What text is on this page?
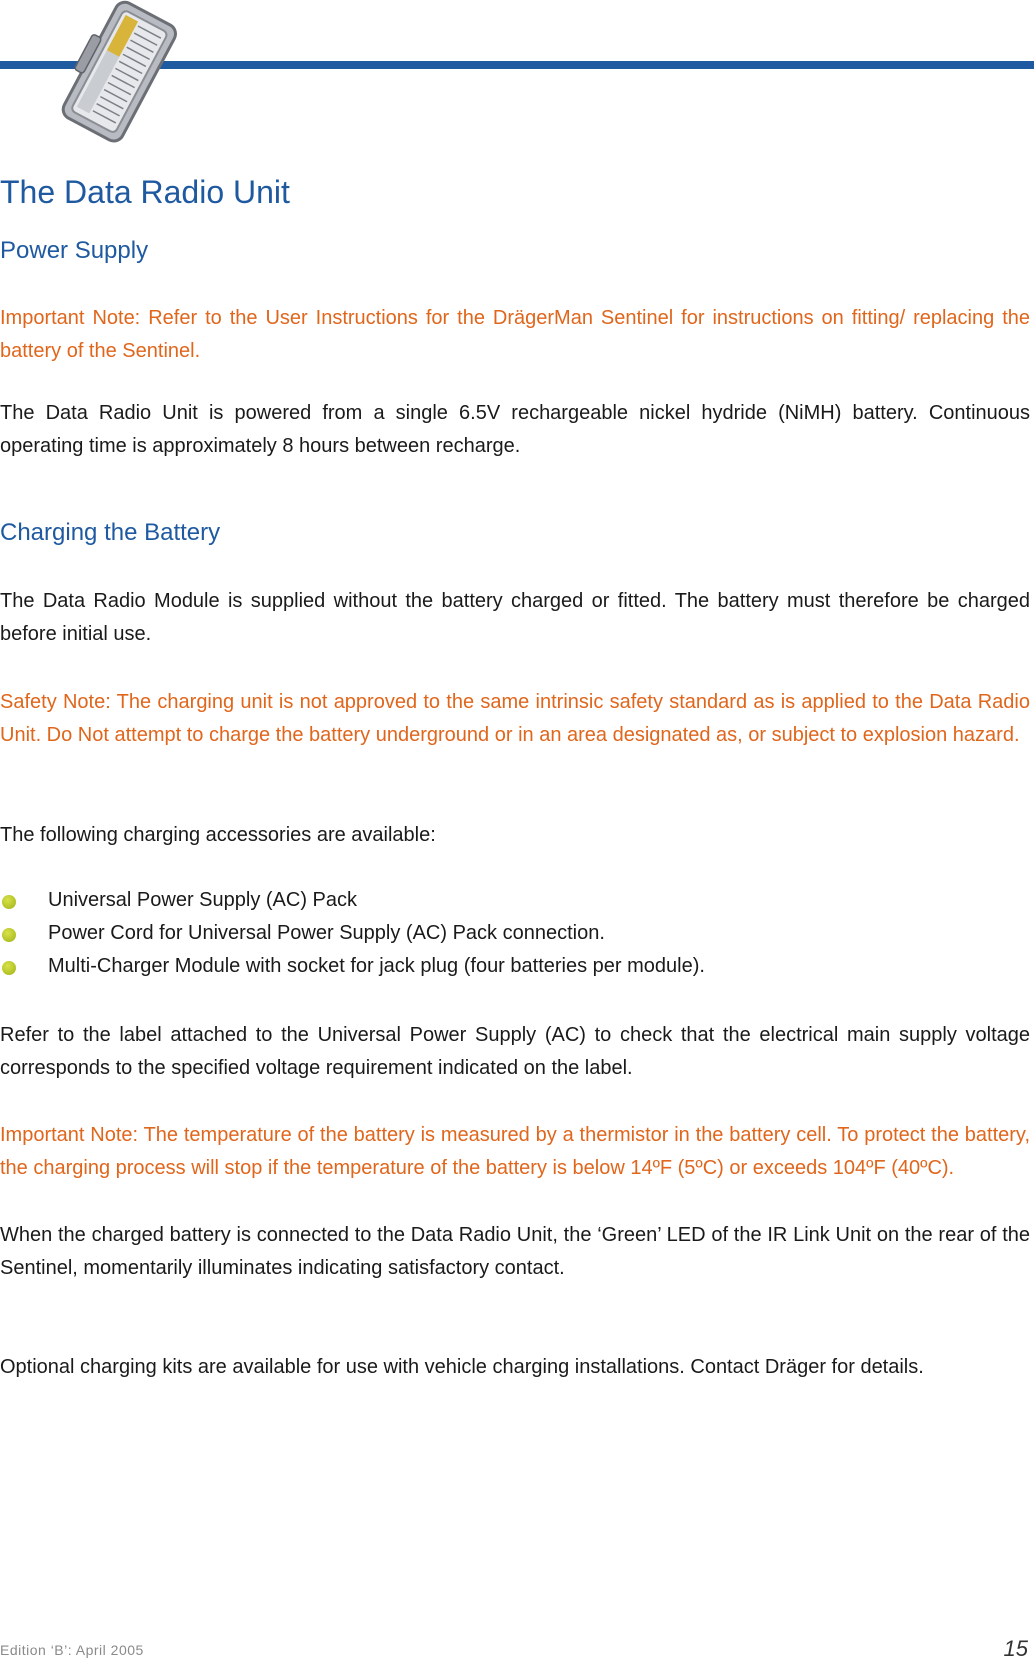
The Data Radio Unit
Power Supply
Important Note: Refer to the User Instructions for the DrägerMan Sentinel for instructions on fitting/ replacing the battery of the Sentinel.
The Data Radio Unit is powered from a single 6.5V rechargeable nickel hydride (NiMH) battery. Continuous operating time is approximately 8 hours between recharge.
Charging the Battery
The Data Radio Module is supplied without the battery charged or fitted. The battery must therefore be charged before initial use.
Safety Note: The charging unit is not approved to the same intrinsic safety standard as is applied to the Data Radio Unit. Do Not attempt to charge the battery underground or in an area designated as, or subject to explosion hazard.
The following charging accessories are available:
Universal Power Supply (AC) Pack
Power Cord for Universal Power Supply (AC) Pack connection.
Multi-Charger Module with socket for jack plug (four batteries per module).
Refer to the label attached to the Universal Power Supply (AC) to check that the electrical main supply voltage corresponds to the specified voltage requirement indicated on the label.
Important Note: The temperature of the battery is measured by a thermistor in the battery cell. To protect the battery, the charging process will stop if the temperature of the battery is below 14ºF (5ºC) or exceeds 104ºF (40ºC).
When the charged battery is connected to the Data Radio Unit, the ‘Green’ LED of the IR Link Unit on the rear of the Sentinel, momentarily illuminates indicating satisfactory contact.
Optional charging kits are available for use with vehicle charging installations. Contact Dräger for details.
Edition ‘B’: April 2005	15
